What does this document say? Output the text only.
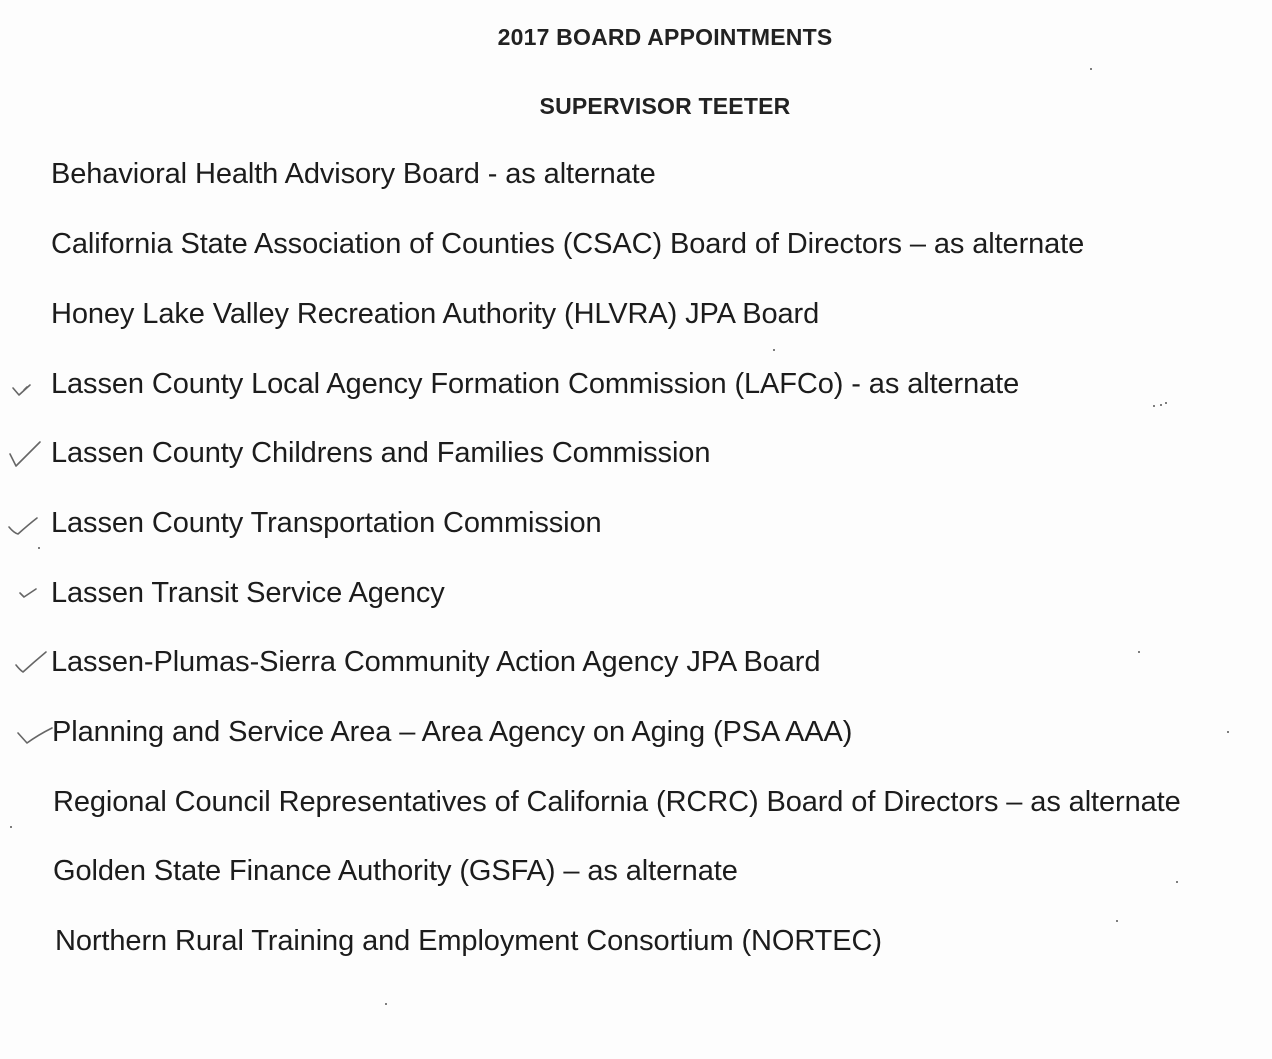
2017 BOARD APPOINTMENTS
SUPERVISOR TEETER
Behavioral Health Advisory Board - as alternate
California State Association of Counties (CSAC) Board of Directors – as alternate
Honey Lake Valley Recreation Authority (HLVRA) JPA Board
Lassen County Local Agency Formation Commission (LAFCo) - as alternate
Lassen County Childrens and Families Commission
Lassen County Transportation Commission
Lassen Transit Service Agency
Lassen-Plumas-Sierra Community Action Agency JPA Board
Planning and Service Area – Area Agency on Aging (PSA AAA)
Regional Council Representatives of California (RCRC) Board of Directors – as alternate
Golden State Finance Authority (GSFA) – as alternate
Northern Rural Training and Employment Consortium (NORTEC)
